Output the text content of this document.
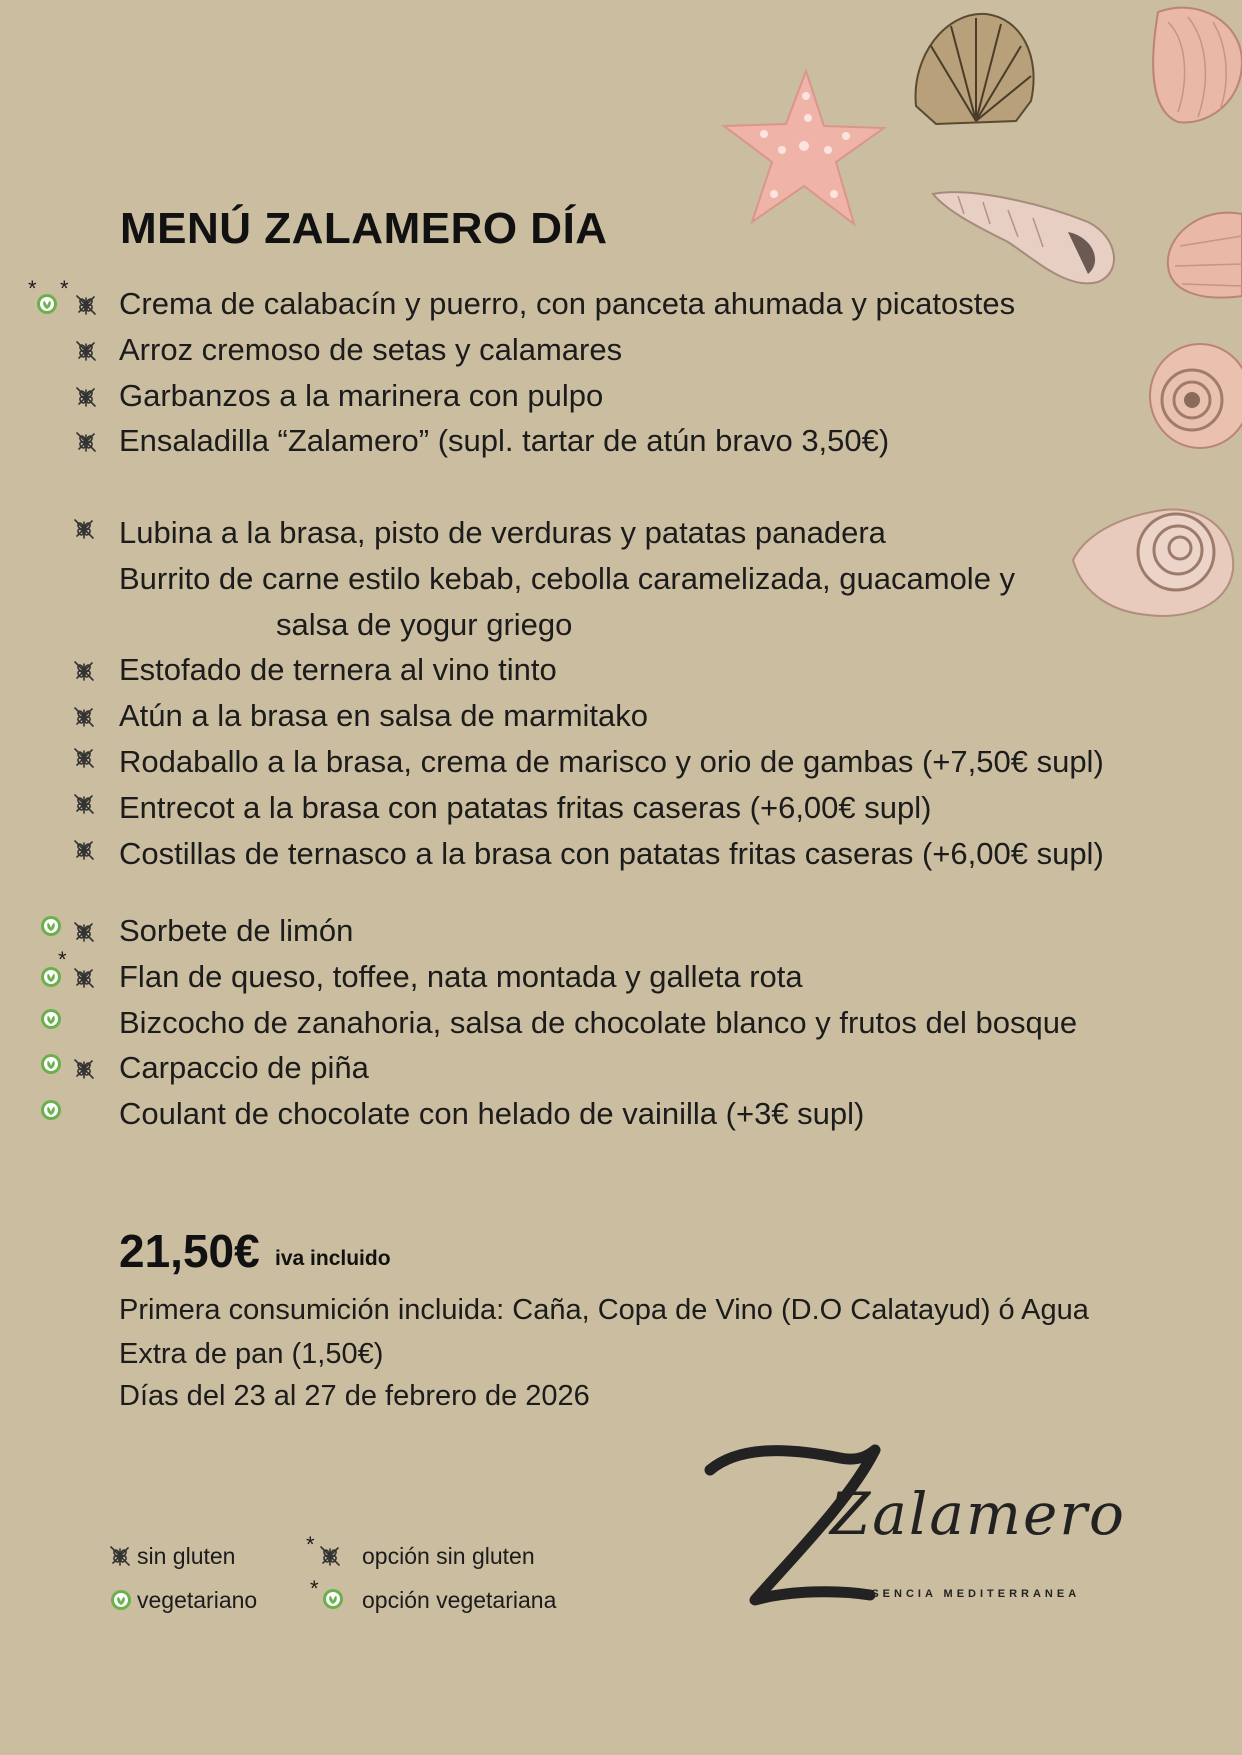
MENÚ ZALAMERO DÍA
* * Crema de calabacín y puerro, con panceta ahumada y picatostes
Arroz cremoso de setas y calamares
Garbanzos a la marinera con pulpo
Ensaladilla “Zalamero” (supl. tartar de atún bravo 3,50€)
Lubina a la brasa, pisto de verduras y patatas panadera
Burrito de carne estilo kebab, cebolla caramelizada, guacamole y
salsa de yogur griego
Estofado de ternera al vino tinto
Atún a la brasa en salsa de marmitako
Rodaballo a la brasa, crema de marisco y orio de gambas (+7,50€ supl)
Entrecot a la brasa con patatas fritas caseras (+6,00€ supl)
Costillas de ternasco a la brasa con patatas fritas caseras (+6,00€ supl)
Sorbete de limón
* Flan de queso, toffee, nata montada y galleta rota
Bizcocho de zanahoria, salsa de chocolate blanco y frutos del bosque
Carpaccio de piña
Coulant de chocolate con helado de vainilla (+3€ supl)
21,50€ iva incluido
Primera consumición incluida: Caña, Copa de Vino (D.O Calatayud) ó Agua
Extra de pan (1,50€)
Días del 23 al 27 de febrero de 2026
sin gluten	* opción sin gluten
vegetariano * opción vegetariana
Zalamero
ESENCIA MEDITERRANEA
